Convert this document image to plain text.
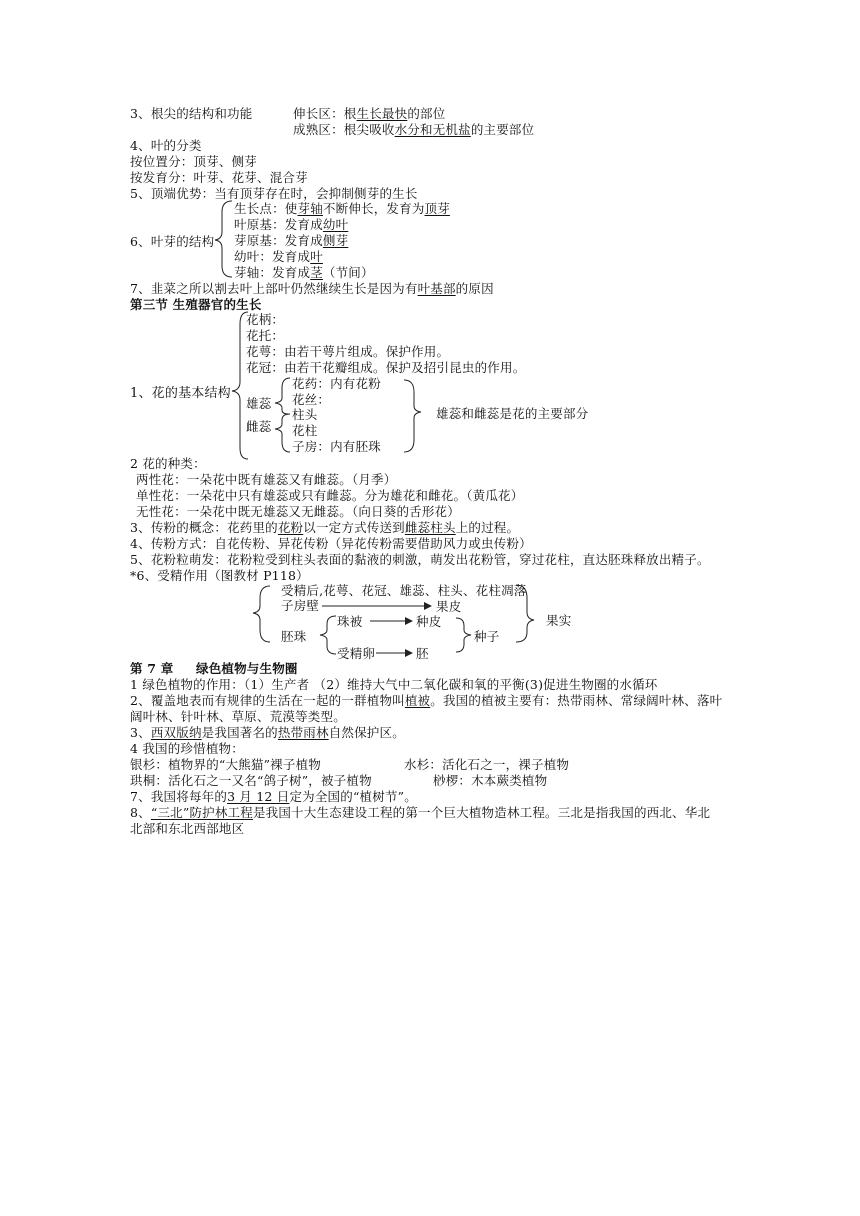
3、根尖的结构和功能	伸长区：根生长最快的部位
成熟区：根尖吸收水分和无机盐的主要部位
4、叶的分类
按位置分：顶芽、侧芽
按发育分：叶芽、花芽、混合芽
5、顶端优势：当有顶芽存在时，会抑制侧芽的生长
6、叶芽的结构
生长点：使芽轴不断伸长，发育为顶芽
叶原基：发育成幼叶
芽原基：发育成侧芽
幼叶：发育成叶
芽轴：发育成茎（节间）
7、韭菜之所以割去叶上部叶仍然继续生长是因为有叶基部的原因
第三节 生殖器官的生长
花柄：
花托：
花萼：由若干萼片组成。保护作用。
花冠：由若干花瓣组成。保护及招引昆虫的作用。
1、花的基本结构
雄蕊
雌蕊
花药：内有花粉
花丝：
柱头
花柱
子房：内有胚珠
雄蕊和雌蕊是花的主要部分
2 花的种类：
两性花：一朵花中既有雄蕊又有雌蕊。（月季）
单性花：一朵花中只有雄蕊或只有雌蕊。分为雄花和雌花。（黄瓜花）
无性花：一朵花中既无雄蕊又无雌蕊。（向日葵的舌形花）
3、传粉的概念：花药里的花粉以一定方式传送到雌蕊柱头上的过程。
4、传粉方式：自花传粉、异花传粉（异花传粉需要借助风力或虫传粉）
5、花粉粒萌发：花粉粒受到柱头表面的黏液的刺激，萌发出花粉管，穿过花柱，直达胚珠释放出精子。
*6、受精作用（图教材 P118）
受精后,花萼、花冠、雄蕊、柱头、花柱凋落
子房壁	果皮
胚珠
珠被	种皮
种子
果实
受精卵	胚
第 7 章 绿色植物与生物圈
1 绿色植物的作用：（1）生产者 （2）维持大气中二氧化碳和氧的平衡(3)促进生物圈的水循环
2、覆盖地表而有规律的生活在一起的一群植物叫植被。我国的植被主要有：热带雨林、常绿阔叶林、落叶
阔叶林、针叶林、草原、荒漠等类型。
3、西双版纳是我国著名的热带雨林自然保护区。
4 我国的珍惜植物：
银杉：植物界的“大熊猫”裸子植物	水杉：活化石之一，裸子植物
珙桐：活化石之一又名“鸽子树”，被子植物	桫椤：木本蕨类植物
7、我国将每年的3 月 12 日定为全国的“植树节”。
8、“三北”防护林工程是我国十大生态建设工程的第一个巨大植物造林工程。三北是指我国的西北、华北
北部和东北西部地区
